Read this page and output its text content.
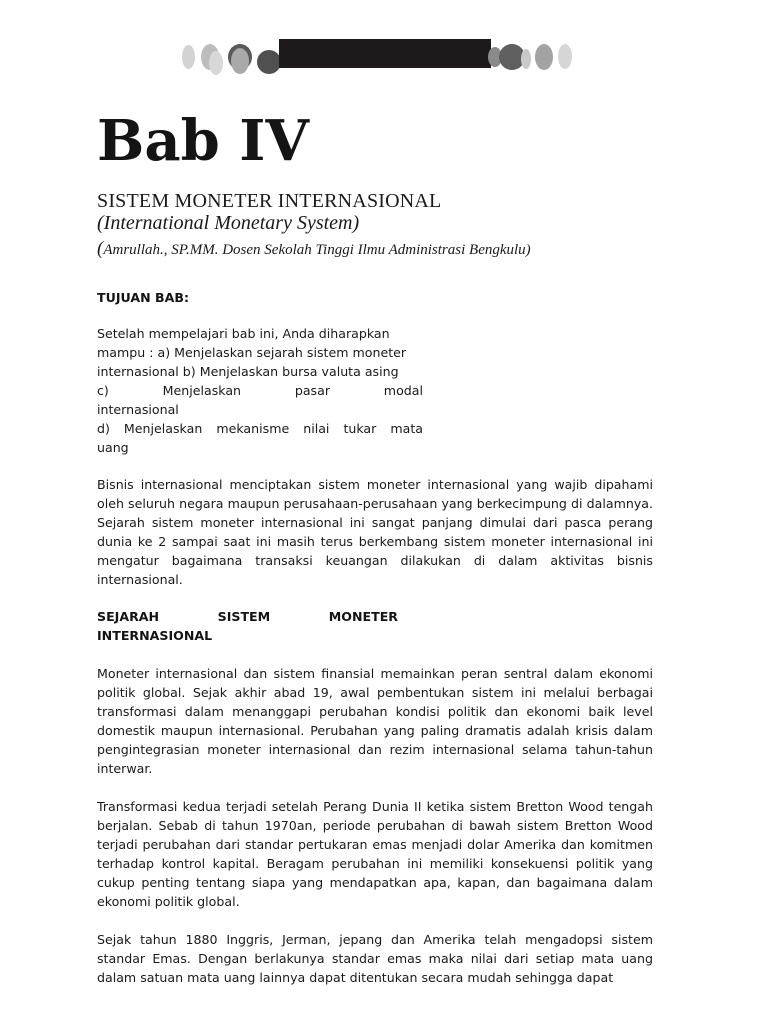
Bab IV
SISTEM MONETER INTERNASIONAL
(International Monetary System)
(Amrullah., SP.MM. Dosen Sekolah Tinggi Ilmu Administrasi Bengkulu)
TUJUAN BAB:
Setelah mempelajari bab ini, Anda diharapkan
mampu : a) Menjelaskan sejarah sistem moneter
internasional b) Menjelaskan bursa valuta asing
c) Menjelaskan pasar modal
internasional
d) Menjelaskan mekanisme nilai tukar mata
uang

Bisnis internasional menciptakan sistem moneter internasional yang wajib dipahami oleh seluruh negara maupun perusahaan-perusahaan yang berkecimpung di dalamnya. Sejarah sistem moneter internasional ini sangat panjang dimulai dari pasca perang dunia ke 2 sampai saat ini masih terus berkembang sistem moneter internasional ini mengatur bagaimana transaksi keuangan dilakukan di dalam aktivitas bisnis internasional.

SEJARAH SISTEM MONETER
INTERNASIONAL

Moneter internasional dan sistem finansial memainkan peran sentral dalam ekonomi politik global. Sejak akhir abad 19, awal pembentukan sistem ini melalui berbagai transformasi dalam menanggapi perubahan kondisi politik dan ekonomi baik level domestik maupun internasional. Perubahan yang paling dramatis adalah krisis dalam pengintegrasian moneter internasional dan rezim internasional selama tahun-tahun interwar.

Transformasi kedua terjadi setelah Perang Dunia II ketika sistem Bretton Wood tengah berjalan. Sebab di tahun 1970an, periode perubahan di bawah sistem Bretton Wood terjadi perubahan dari standar pertukaran emas menjadi dolar Amerika dan komitmen terhadap kontrol kapital. Beragam perubahan ini memiliki konsekuensi politik yang cukup penting tentang siapa yang mendapatkan apa, kapan, dan bagaimana dalam ekonomi politik global.

Sejak tahun 1880 Inggris, Jerman, jepang dan Amerika telah mengadopsi sistem standar Emas. Dengan berlakunya standar emas maka nilai dari setiap mata uang dalam satuan mata uang lainnya dapat ditentukan secara mudah sehingga dapat
